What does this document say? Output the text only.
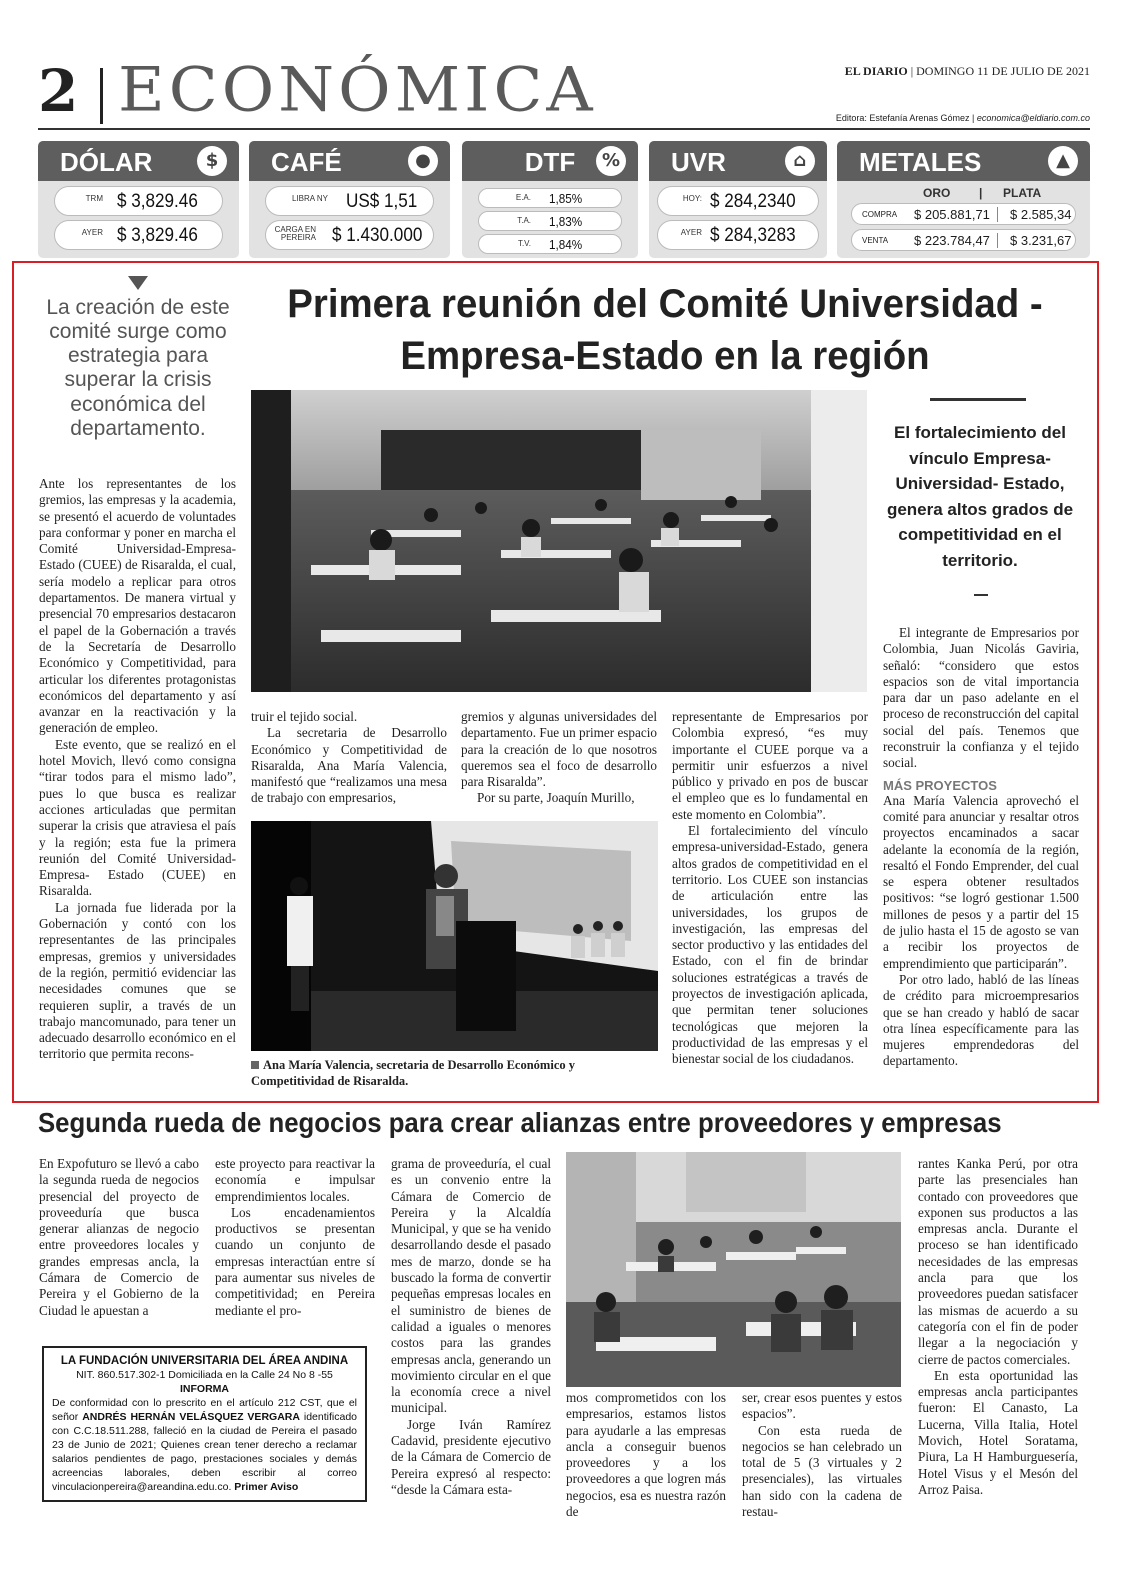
2 ECONÓMICA	EL DIARIO | DOMINGO 11 DE JULIO DE 2021
Editora: Estefanía Arenas Gómez | economica@eldiario.com.co
DÓLAR	$
TRM $ 3,829.46
AYER $ 3,829.46
CAFÉ	●
LIBRA NY US$ 1,51
CARGA EN PEREIRA $ 1.430.000
DTF	%
E.A. 1,85%
T.A. 1,83%
T.V. 1,84%
UVR	⌂
HOY: $ 284,2340
AYER $ 284,3283
METALES	▲
ORO | PLATA
COMPRA $ 205.881,71 $ 2.585,34
VENTA $ 223.784,47 $ 3.231,67
La creación de este comité surge como estrategia para superar la crisis económica del departamento.
Primera reunión del Comité Universidad -Empresa-Estado en la región
El fortalecimiento del vínculo Empresa-Universidad- Estado, genera altos grados de competitividad en el territorio.

Ante los representantes de los gremios, las empresas y la academia, se presentó el acuerdo de voluntades para conformar y poner en marcha el Comité Universidad-Empresa-Estado (CUEE) de Risaralda, el cual, sería modelo a replicar para otros departamentos. De manera virtual y presencial 70 empresarios destacaron el papel de la Gobernación a través de la Secretaría de Desarrollo Económico y Competitividad, para articular los diferentes protagonistas económicos del departamento y así avanzar en la reactivación y la generación de empleo.

Este evento, que se realizó en el hotel Movich, llevó como consigna “tirar todos para el mismo lado”, pues lo que busca es realizar acciones articuladas que permitan superar la crisis que atraviesa el país y la región; esta fue la primera reunión del Comité Universidad- Empresa- Estado (CUEE) en Risaralda.

La jornada fue liderada por la Gobernación y contó con los representantes de las principales empresas, gremios y universidades de la región, permitió evidenciar las necesidades comunes que se requieren suplir, a través de un trabajo mancomunado, para tener un adecuado desarrollo económico en el territorio que permita recons-

truir el tejido social.

La secretaria de Desarrollo Económico y Competitividad de Risaralda, Ana María Valencia, manifestó que “realizamos una mesa de trabajo con empresarios,

gremios y algunas universidades del departamento. Fue un primer espacio para la creación de lo que nosotros queremos sea el foco de desarrollo para Risaralda”.

Por su parte, Joaquín Murillo,

Ana María Valencia, secretaria de Desarrollo Económico y Competitividad de Risaralda.

representante de Empresarios por Colombia expresó, “es muy importante el CUEE porque va a permitir unir esfuerzos a nivel público y privado en pos de buscar el empleo que es lo fundamental en este momento en Colombia”.

El fortalecimiento del vínculo empresa-universidad-Estado, genera altos grados de competitividad en el territorio. Los CUEE son instancias de articulación entre las universidades, los grupos de investigación, las empresas del sector productivo y las entidades del Estado, con el fin de brindar soluciones estratégicas a través de proyectos de investigación aplicada, que permitan tener soluciones tecnológicas que mejoren la productividad de las empresas y el bienestar social de los ciudadanos.

El integrante de Empresarios por Colombia, Juan Nicolás Gaviria, señaló: “considero que estos espacios son de vital importancia para dar un paso adelante en el proceso de reconstrucción del capital social del país. Tenemos que reconstruir la confianza y el tejido social.

MÁS PROYECTOS

Ana María Valencia aprovechó el comité para anunciar y resaltar otros proyectos encaminados a sacar adelante la economía de la región, resaltó el Fondo Emprender, del cual se espera obtener resultados positivos: “se logró gestionar 1.500 millones de pesos y a partir del 15 de julio hasta el 15 de agosto se van a recibir los proyectos de emprendimiento que participarán”.

Por otro lado, habló de las líneas de crédito para microempresarios que se han creado y habló de sacar otra línea específicamente para las mujeres emprendedoras del departamento.

Segunda rueda de negocios para crear alianzas entre proveedores y empresas

En Expofuturo se llevó a cabo la segunda rueda de negocios presencial del proyecto de proveeduría que busca generar alianzas de negocio entre proveedores locales y grandes empresas ancla, la Cámara de Comercio de Pereira y el Gobierno de la Ciudad le apuestan a

este proyecto para reactivar la economía e impulsar emprendimientos locales.

Los encadenamientos productivos se presentan cuando un conjunto de empresas interactúan entre sí para aumentar sus niveles de competitividad; en Pereira mediante el pro-

grama de proveeduría, el cual es un convenio entre la Cámara de Comercio de Pereira y la Alcaldía Municipal, y que se ha venido desarrollando desde el pasado mes de marzo, donde se ha buscado la forma de convertir pequeñas empresas locales en el suministro de bienes de calidad a iguales o menores costos para las grandes empresas ancla, generando un movimiento circular en el que la economía crece a nivel municipal.

Jorge Iván Ramírez Cadavid, presidente ejecutivo de la Cámara de Comercio de Pereira expresó al respecto: “desde la Cámara esta-

mos comprometidos con los empresarios, estamos listos para ayudarle a las empresas ancla a conseguir buenos proveedores y a los proveedores a que logren más negocios, esa es nuestra razón de

ser, crear esos puentes y estos espacios”.

Con esta rueda de negocios se han celebrado un total de 5 (3 virtuales y 2 presenciales), las virtuales han sido con la cadena de restau-

rantes Kanka Perú, por otra parte las presenciales han contado con proveedores que exponen sus productos a las empresas ancla. Durante el proceso se han identificado necesidades de las empresas ancla para que los proveedores puedan satisfacer las mismas de acuerdo a su categoría con el fin de poder llegar a la negociación y cierre de pactos comerciales.

En esta oportunidad las empresas ancla participantes fueron: El Canasto, La Lucerna, Villa Italia, Hotel Movich, Hotel Soratama, Piura, La H Hamburguesería, Hotel Visus y el Mesón del Arroz Paisa.

LA FUNDACIÓN UNIVERSITARIA DEL ÁREA ANDINA
NIT. 860.517.302-1 Domiciliada en la Calle 24 No 8 -55
INFORMA
De conformidad con lo prescrito en el artículo 212 CST, que el señor ANDRÉS HERNÁN VELÁSQUEZ VERGARA identificado con C.C.18.511.288, falleció en la ciudad de Pereira el pasado 23 de Junio de 2021; Quienes crean tener derecho a reclamar salarios pendientes de pago, prestaciones sociales y demás acreencias laborales, deben escribir al correo vinculacionpereira@areandina.edu.co. Primer Aviso
